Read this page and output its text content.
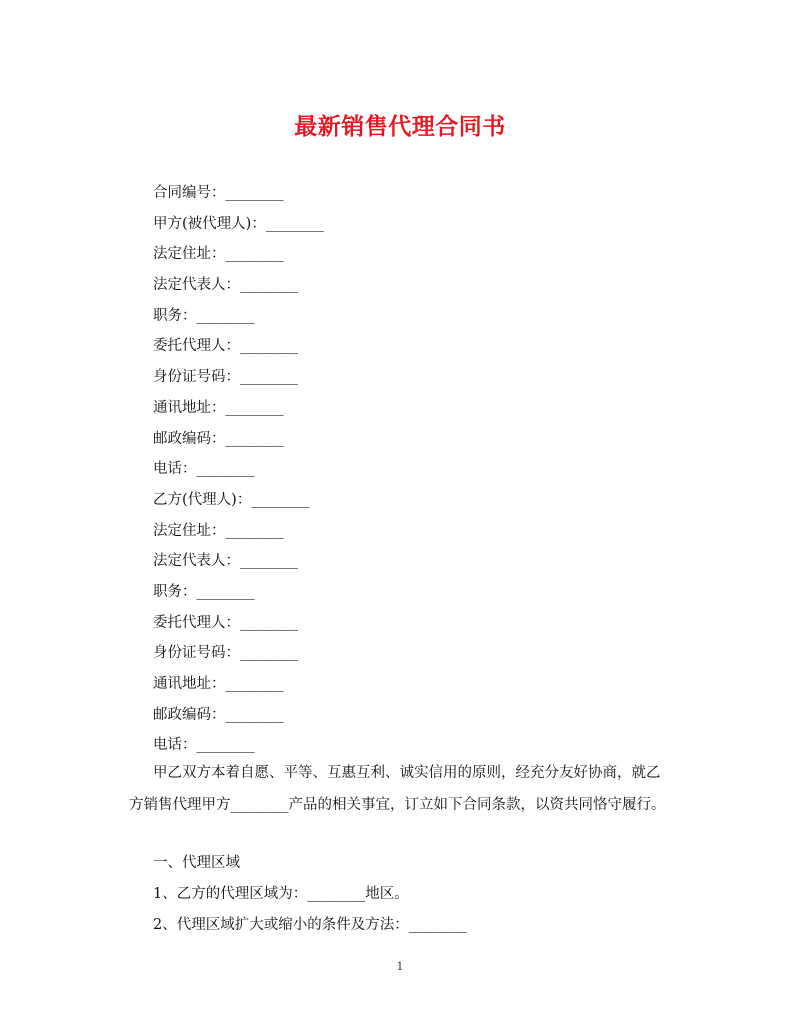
最新销售代理合同书
合同编号：________
甲方(被代理人)：________
法定住址：________
法定代表人：________
职务：________
委托代理人：________
身份证号码：________
通讯地址：________
邮政编码：________
电话：________
乙方(代理人)：________
法定住址：________
法定代表人：________
职务：________
委托代理人：________
身份证号码：________
通讯地址：________
邮政编码：________
电话：________
甲乙双方本着自愿、平等、互惠互利、诚实信用的原则，经充分友好协商，就乙方销售代理甲方________产品的相关事宜，订立如下合同条款，以资共同恪守履行。
一、代理区域
1、乙方的代理区域为：________地区。
2、代理区域扩大或缩小的条件及方法：________
1
